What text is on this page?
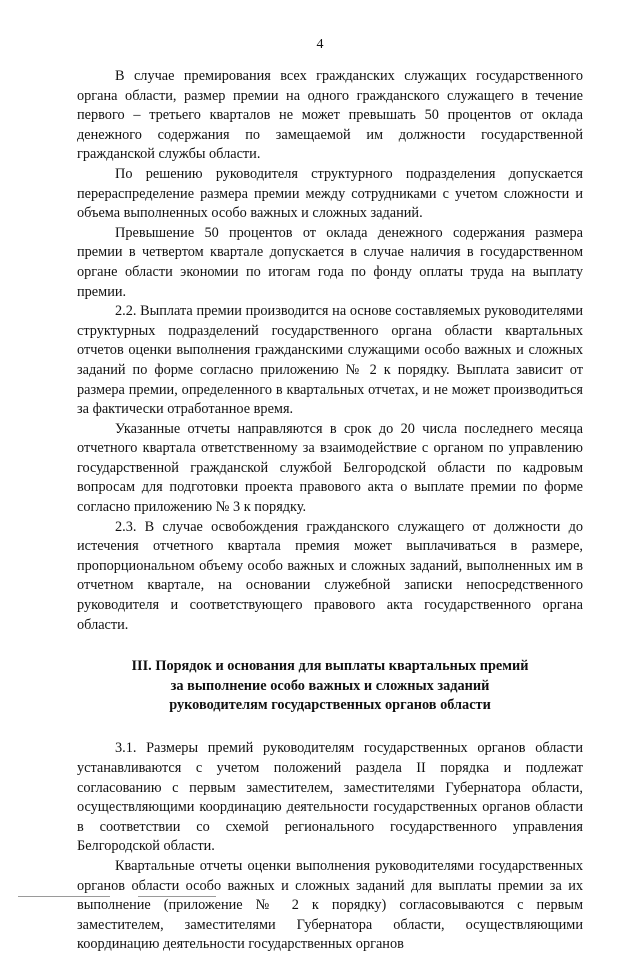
4

В случае премирования всех гражданских служащих государственного органа области, размер премии на одного гражданского служащего в течение первого – третьего кварталов не может превышать 50 процентов от оклада денежного содержания по замещаемой им должности государственной гражданской службы области.

По решению руководителя структурного подразделения допускается перераспределение размера премии между сотрудниками с учетом сложности и объема выполненных особо важных и сложных заданий.

Превышение 50 процентов от оклада денежного содержания размера премии в четвертом квартале допускается в случае наличия в государственном органе области экономии по итогам года по фонду оплаты труда на выплату премии.

2.2. Выплата премии производится на основе составляемых руководителями структурных подразделений государственного органа области квартальных отчетов оценки выполнения гражданскими служащими особо важных и сложных заданий по форме согласно приложению № 2 к порядку. Выплата зависит от размера премии, определенного в квартальных отчетах, и не может производиться за фактически отработанное время.

Указанные отчеты направляются в срок до 20 числа последнего месяца отчетного квартала ответственному за взаимодействие с органом по управлению государственной гражданской службой Белгородской области по кадровым вопросам для подготовки проекта правового акта о выплате премии по форме согласно приложению № 3 к порядку.

2.3. В случае освобождения гражданского служащего от должности до истечения отчетного квартала премия может выплачиваться в размере, пропорциональном объему особо важных и сложных заданий, выполненных им в отчетном квартале, на основании служебной записки непосредственного руководителя и соответствующего правового акта государственного органа области.

III. Порядок и основания для выплаты квартальных премий
за выполнение особо важных и сложных заданий
руководителям государственных органов области

3.1. Размеры премий руководителям государственных органов области устанавливаются с учетом положений раздела II порядка и подлежат согласованию с первым заместителем, заместителями Губернатора области, осуществляющими координацию деятельности государственных органов области в соответствии со схемой регионального государственного управления Белгородской области.

Квартальные отчеты оценки выполнения руководителями государственных органов области особо важных и сложных заданий для выплаты премии за их выполнение (приложение № 2 к порядку) согласовываются с первым заместителем, заместителями Губернатора области, осуществляющими координацию деятельности государственных органов
